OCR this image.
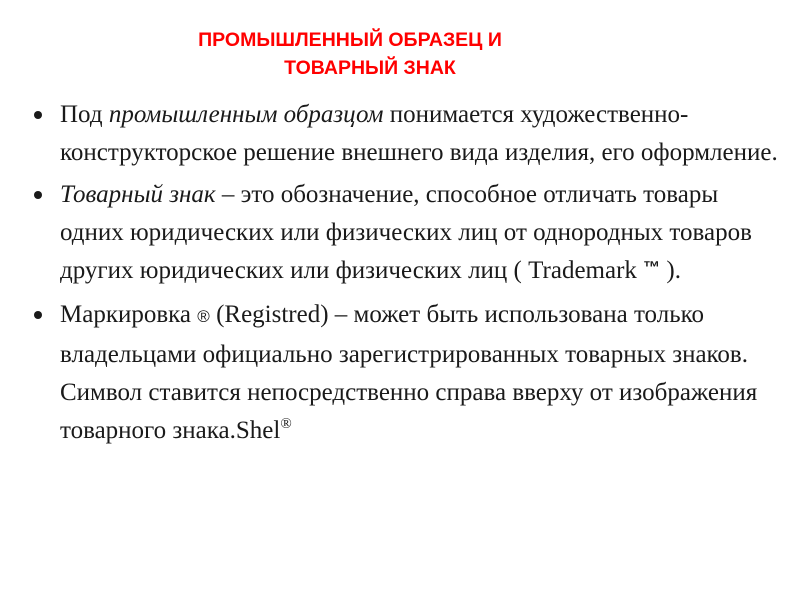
ПРОМЫШЛЕННЫЙ ОБРАЗЕЦ И
ТОВАРНЫЙ ЗНАК
Под промышленным образцом понимается художественно-конструкторское решение внешнего вида изделия, его оформление.
Товарный знак – это обозначение, способное отличать товары одних юридических или физических лиц от однородных товаров других юридических или физических лиц ( Trademark ™ ).
Маркировка ® (Registred) – может быть использована только владельцами официально зарегистрированных товарных знаков. Символ ставится непосредственно справа вверху от изображения товарного знака.Shel®
